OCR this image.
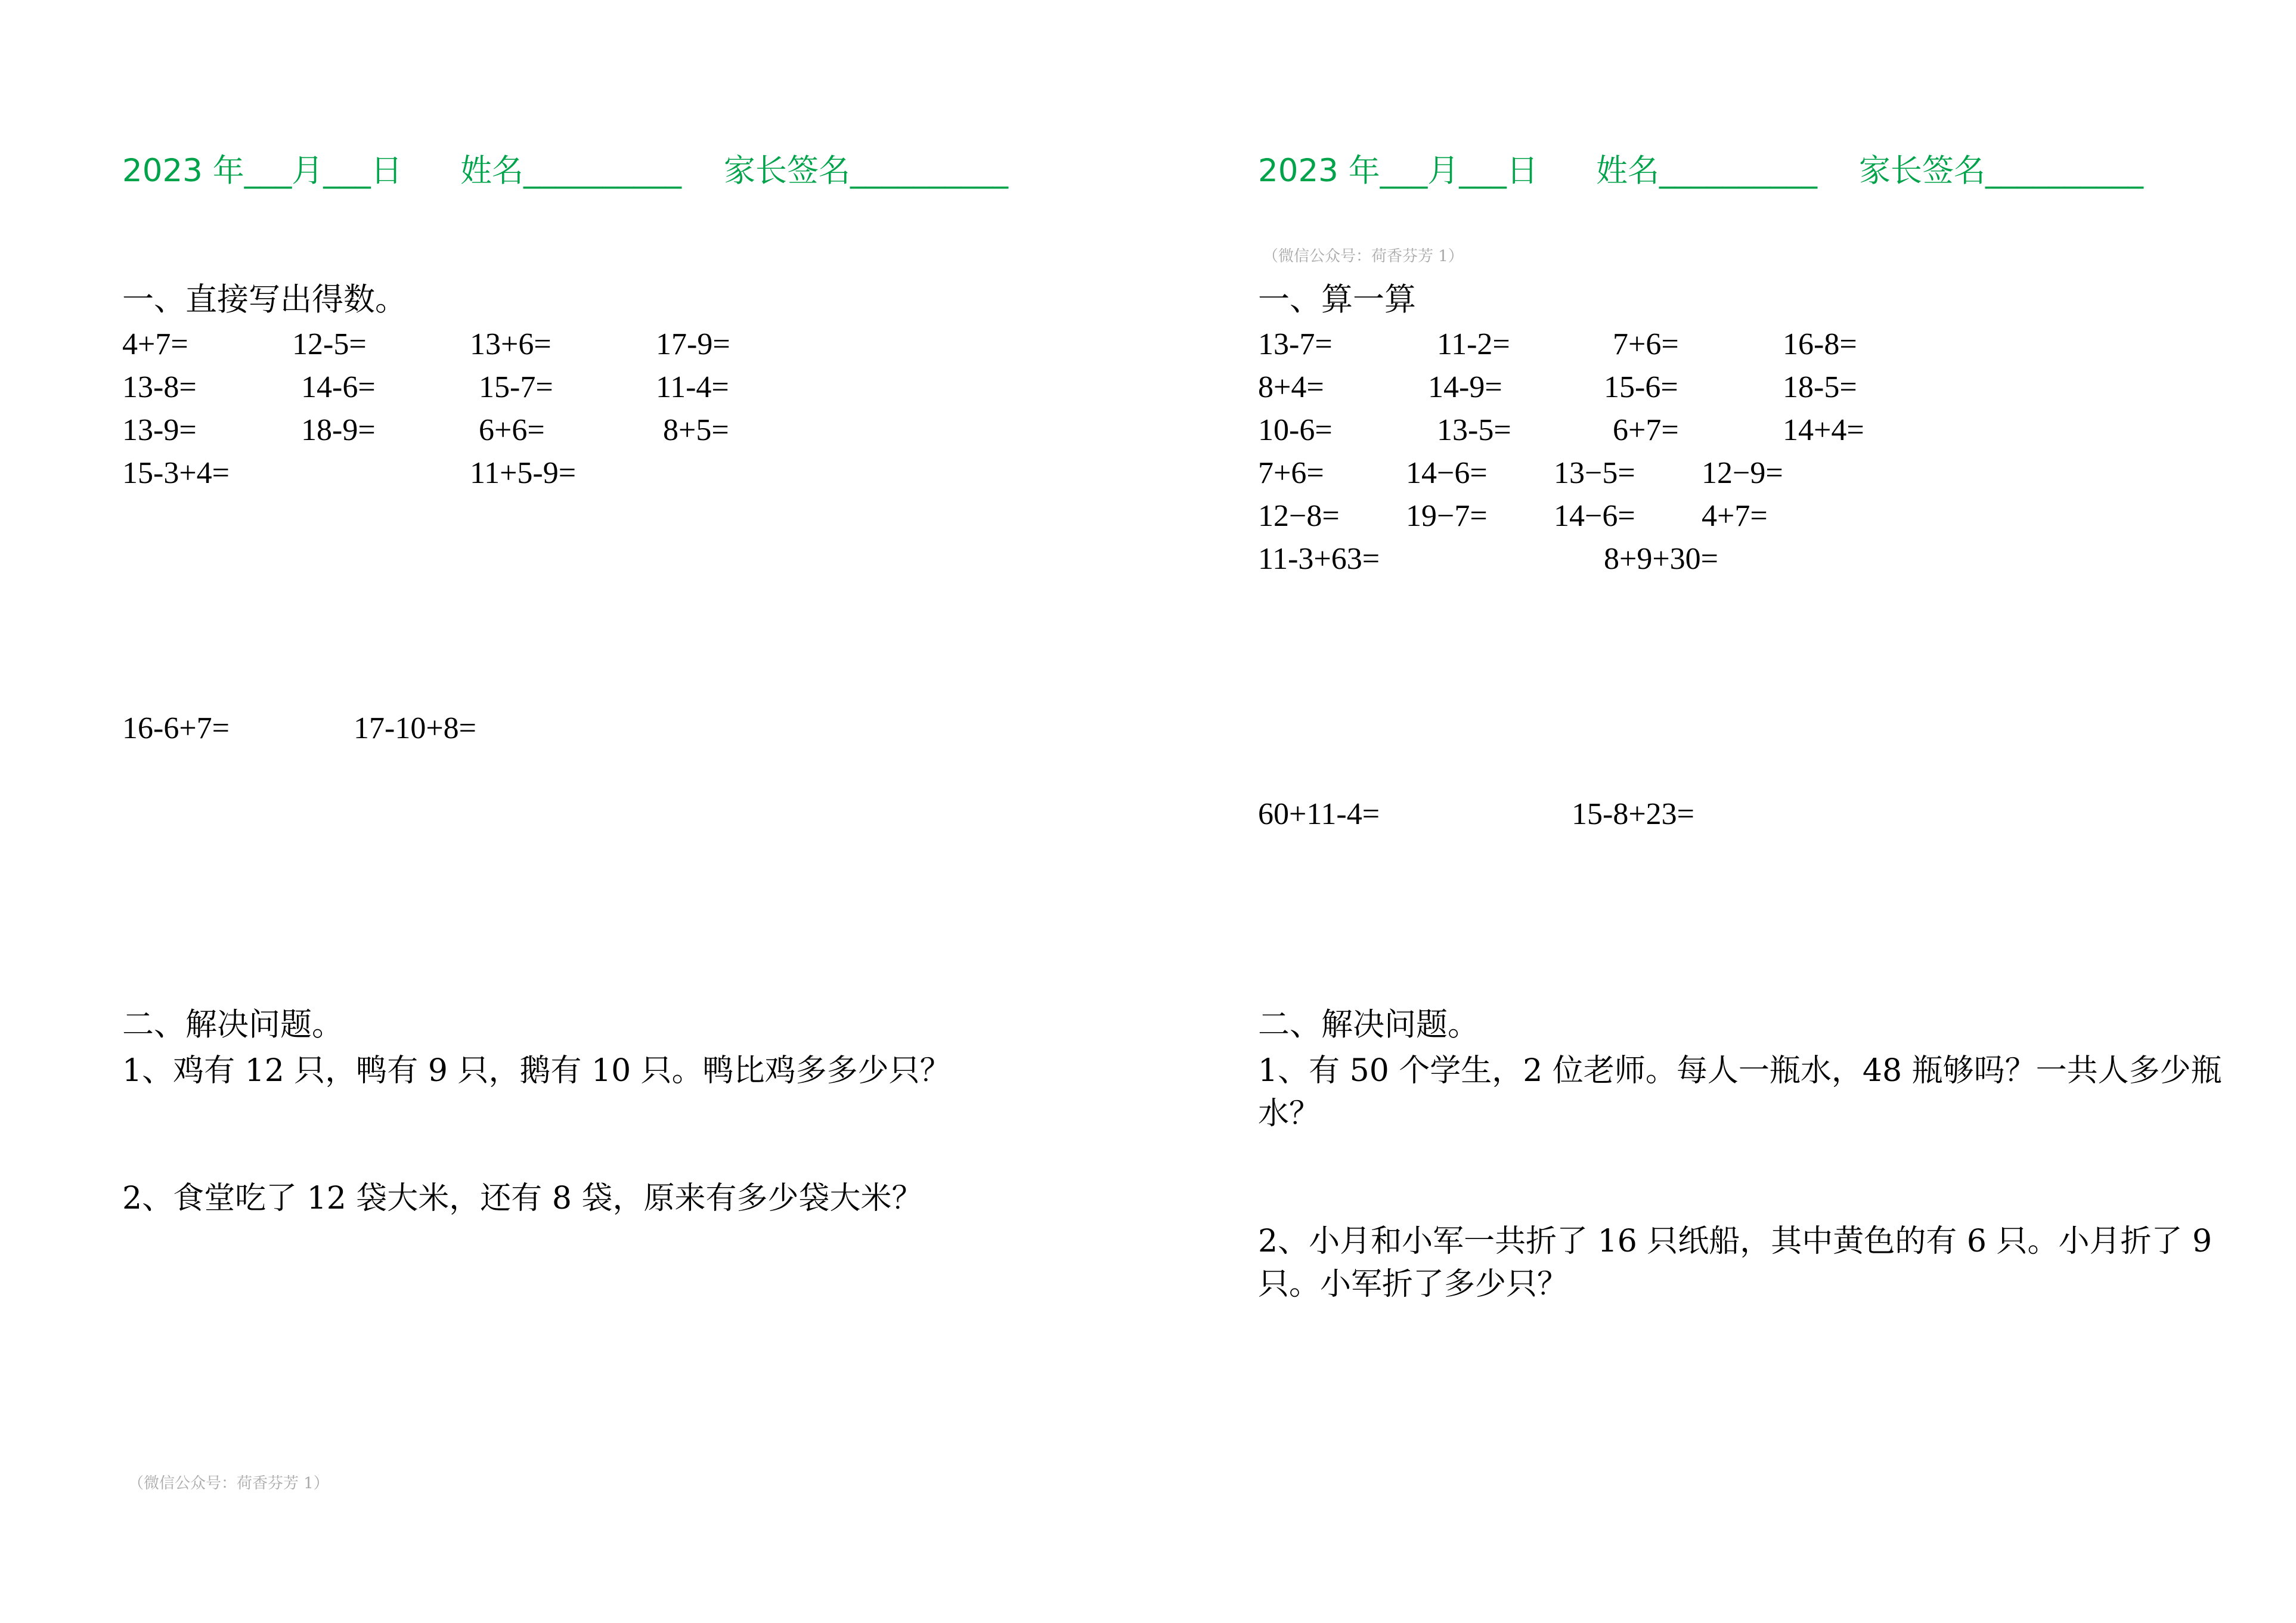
2023 年___月___日 姓名__________ 家长签名__________
一、直接写出得数。
4+7=	12-5=	13+6=	17-9=
13-8=	14-6=	15-7=	11-4=
13-9=	18-9=	6+6=	8+5=
15-3+4=	11+5-9=
16-6+7=	17-10+8=
二、解决问题。
1、鸡有 12 只，鸭有 9 只，鹅有 10 只。鸭比鸡多多少只？
2、食堂吃了 12 袋大米，还有 8 袋，原来有多少袋大米？
（微信公众号：荷香芬芳 1）
2023 年___月___日 姓名__________ 家长签名__________
（微信公众号：荷香芬芳 1）
一、算一算
13-7=	11-2=	7+6=	16-8=
8+4=	14-9=	15-6=	18-5=
10-6=	13-5=	6+7=	14+4=
7+6=	14−6= 13−5= 12−9=
12−8= 19−7= 14−6= 4+7=
11-3+63=	8+9+30=
60+11-4=	15-8+23=
二、解决问题。
1、有 50 个学生，2 位老师。每人一瓶水，48 瓶够吗？一共人多少瓶水？
2、小月和小军一共折了 16 只纸船，其中黄色的有 6 只。小月折了 9 只。小军折了多少只？
